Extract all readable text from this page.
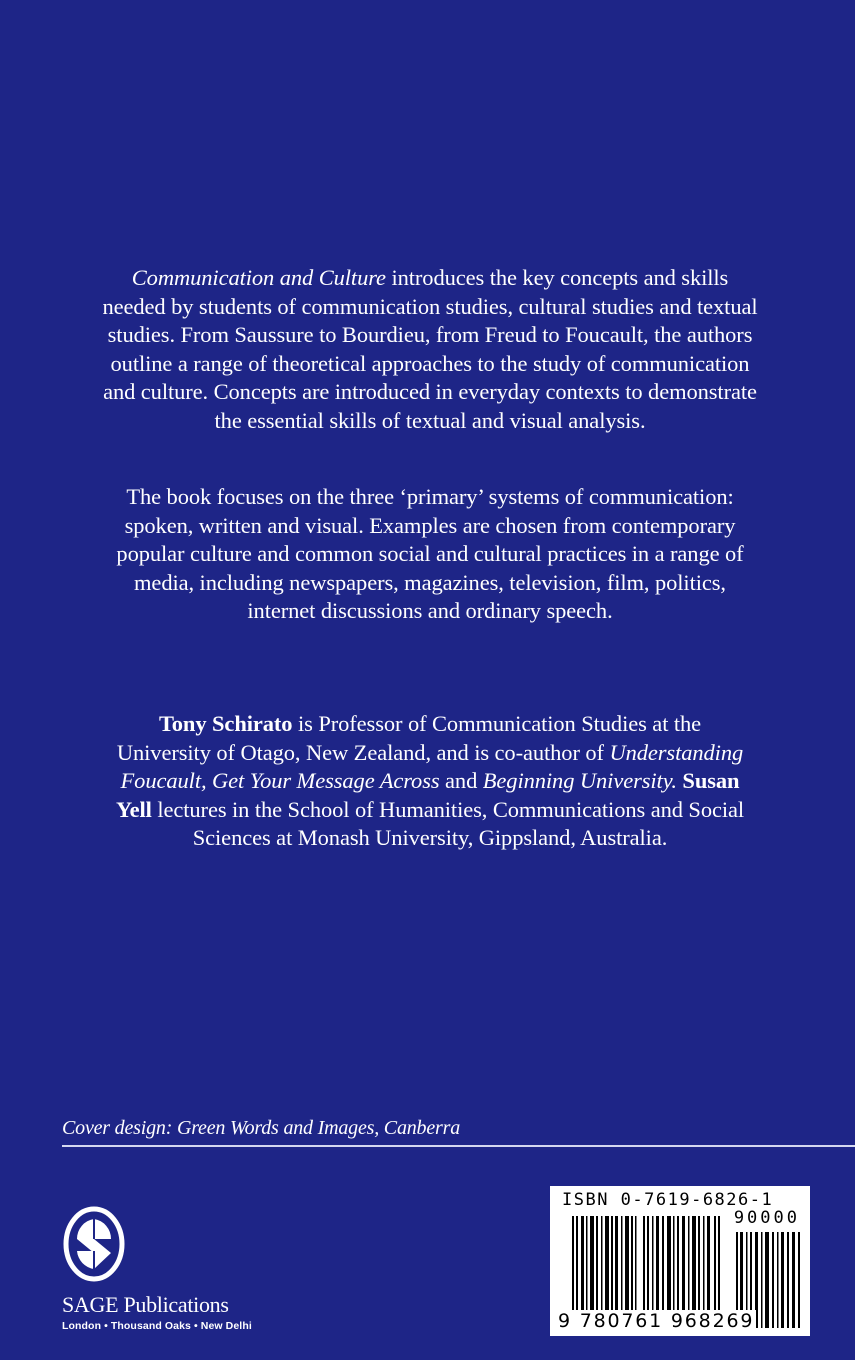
Communication and Culture introduces the key concepts and skills needed by students of communication studies, cultural studies and textual studies. From Saussure to Bourdieu, from Freud to Foucault, the authors outline a range of theoretical approaches to the study of communication and culture. Concepts are introduced in everyday contexts to demonstrate the essential skills of textual and visual analysis.
The book focuses on the three ‘primary’ systems of communication: spoken, written and visual. Examples are chosen from contemporary popular culture and common social and cultural practices in a range of media, including newspapers, magazines, television, film, politics, internet discussions and ordinary speech.
Tony Schirato is Professor of Communication Studies at the University of Otago, New Zealand, and is co-author of Understanding Foucault, Get Your Message Across and Beginning University. Susan Yell lectures in the School of Humanities, Communications and Social Sciences at Monash University, Gippsland, Australia.
Cover design: Green Words and Images, Canberra
SAGE Publications
London • Thousand Oaks • New Delhi
ISBN 0-7619-6826-1
90000
9 780761 968269
